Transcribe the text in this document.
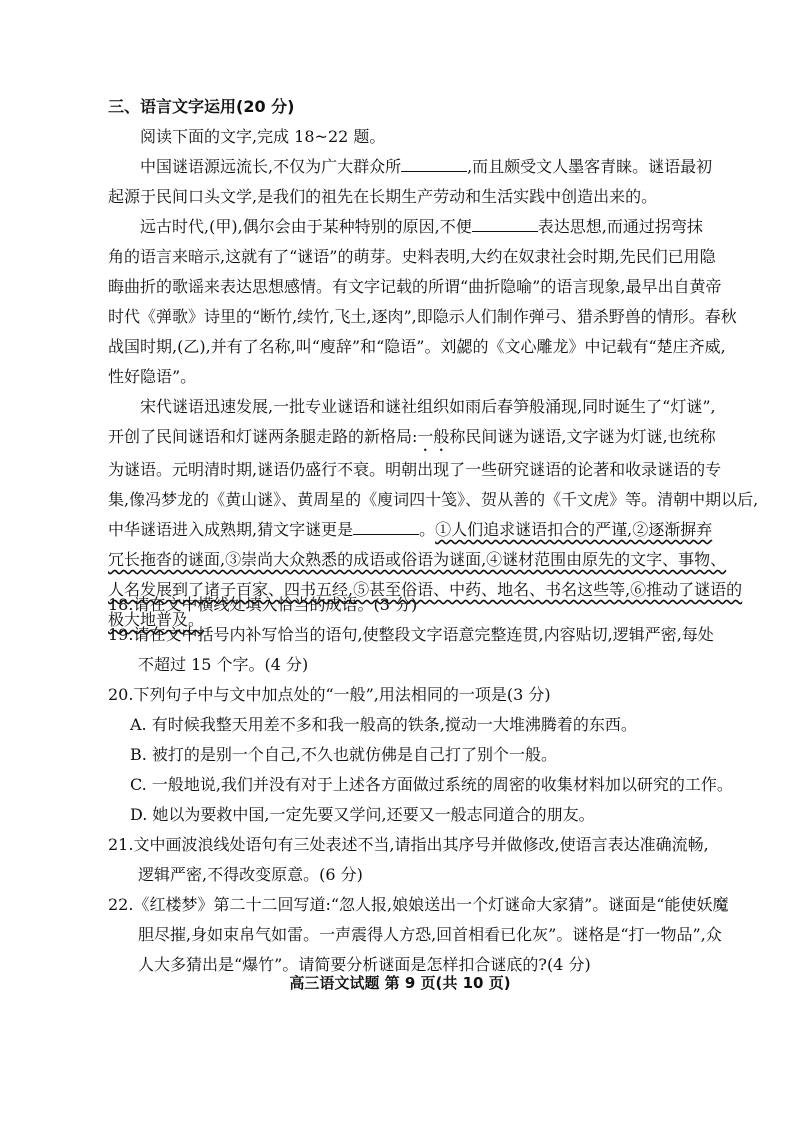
三、语言文字运用(20 分)
阅读下面的文字,完成 18~22 题。
中国谜语源远流长,不仅为广大群众所	,而且颇受文人墨客青睐。谜语最初
起源于民间口头文学,是我们的祖先在长期生产劳动和生活实践中创造出来的。
远古时代,(甲),偶尔会由于某种特别的原因,不便	表达思想,而通过拐弯抹
角的语言来暗示,这就有了“谜语”的萌芽。史料表明,大约在奴隶社会时期,先民们已用隐
晦曲折的歌谣来表达思想感情。有文字记载的所谓“曲折隐喻”的语言现象,最早出自黄帝
时代《弹歌》诗里的“断竹,续竹,飞土,逐肉”,即隐示人们制作弹弓、猎杀野兽的情形。春秋
战国时期,(乙),并有了名称,叫“廋辞”和“隐语”。刘勰的《文心雕龙》中记载有“楚庄齐威,
性好隐语”。
宋代谜语迅速发展,一批专业谜语和谜社组织如雨后春笋般涌现,同时诞生了“灯谜”,
开创了民间谜语和灯谜两条腿走路的新格局:一般称民间谜为谜语,文字谜为灯谜,也统称
为谜语。元明清时期,谜语仍盛行不衰。明朝出现了一些研究谜语的论著和收录谜语的专
集,像冯梦龙的《黄山谜》、黄周星的《廋词四十笺》、贺从善的《千文虎》等。清朝中期以后,
中华谜语进入成熟期,猜文字谜更是	。①人们追求谜语扣合的严谨,②逐渐摒弃
冗长拖沓的谜面,③崇尚大众熟悉的成语或俗语为谜面,④谜材范围由原先的文字、事物、
人名发展到了诸子百家、四书五经,⑤甚至俗语、中药、地名、书名这些等,⑥推动了谜语的
极大地普及。
18.请在文中横线处填入恰当的成语。(3 分)
19.请在文中括号内补写恰当的语句,使整段文字语意完整连贯,内容贴切,逻辑严密,每处
不超过 15 个字。(4 分)
20.下列句子中与文中加点处的“一般”,用法相同的一项是(3 分)
A. 有时候我整天用差不多和我一般高的铁条,搅动一大堆沸腾着的东西。
B. 被打的是别一个自己,不久也就仿佛是自己打了别个一般。
C. 一般地说,我们并没有对于上述各方面做过系统的周密的收集材料加以研究的工作。
D. 她以为要救中国,一定先要又学问,还要又一般志同道合的朋友。
21.文中画波浪线处语句有三处表述不当,请指出其序号并做修改,使语言表达准确流畅,
逻辑严密,不得改变原意。(6 分)
22.《红楼梦》第二十二回写道:“忽人报,娘娘送出一个灯谜命大家猜”。谜面是“能使妖魔
胆尽摧,身如束帛气如雷。一声震得人方恐,回首相看已化灰”。谜格是“打一物品”,众
人大多猜出是“爆竹”。请简要分析谜面是怎样扣合谜底的?(4 分)
高三语文试题 第 9 页(共 10 页)
